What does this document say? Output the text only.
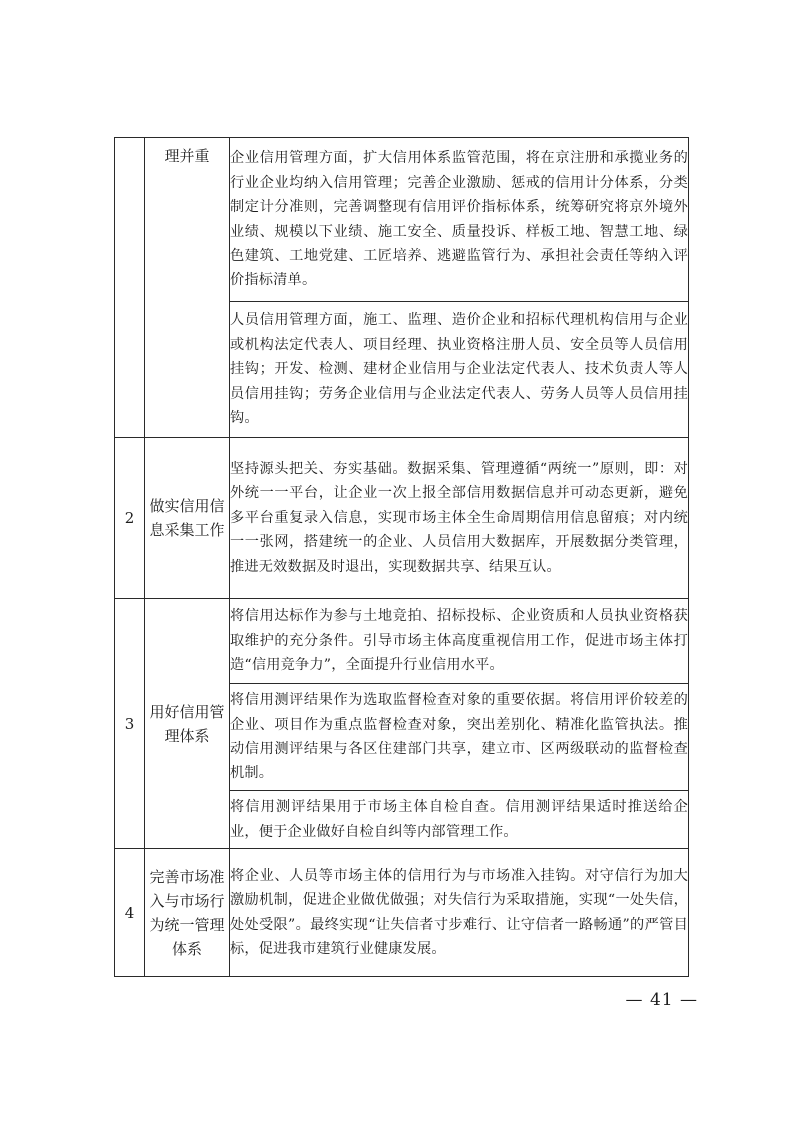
	理并重	企业信用管理方面，扩大信用体系监管范围，将在京注册和承揽业务的行业企业均纳入信用管理；完善企业激励、惩戒的信用计分体系，分类制定计分准则，完善调整现有信用评价指标体系，统筹研究将京外境外业绩、规模以下业绩、施工安全、质量投诉、样板工地、智慧工地、绿色建筑、工地党建、工匠培养、逃避监管行为、承担社会责任等纳入评价指标清单。
		人员信用管理方面，施工、监理、造价企业和招标代理机构信用与企业或机构法定代表人、项目经理、执业资格注册人员、安全员等人员信用挂钩；开发、检测、建材企业信用与企业法定代表人、技术负责人等人员信用挂钩；劳务企业信用与企业法定代表人、劳务人员等人员信用挂钩。
2	做实信用信息采集工作	坚持源头把关、夯实基础。数据采集、管理遵循“两统一”原则，即：对外统一一平台，让企业一次上报全部信用数据信息并可动态更新，避免多平台重复录入信息，实现市场主体全生命周期信用信息留痕；对内统一一张网，搭建统一的企业、人员信用大数据库，开展数据分类管理，推进无效数据及时退出，实现数据共享、结果互认。
3	用好信用管理体系	将信用达标作为参与土地竞拍、招标投标、企业资质和人员执业资格获取维护的充分条件。引导市场主体高度重视信用工作，促进市场主体打造“信用竞争力”，全面提升行业信用水平。
		将信用测评结果作为选取监督检查对象的重要依据。将信用评价较差的企业、项目作为重点监督检查对象，突出差别化、精准化监管执法。推动信用测评结果与各区住建部门共享，建立市、区两级联动的监督检查机制。
		将信用测评结果用于市场主体自检自查。信用测评结果适时推送给企业，便于企业做好自检自纠等内部管理工作。
4	完善市场准入与市场行为统一管理体系	将企业、人员等市场主体的信用行为与市场准入挂钩。对守信行为加大激励机制，促进企业做优做强；对失信行为采取措施，实现“一处失信，处处受限”。最终实现“让失信者寸步难行、让守信者一路畅通”的严管目标，促进我市建筑行业健康发展。
— 41 —
